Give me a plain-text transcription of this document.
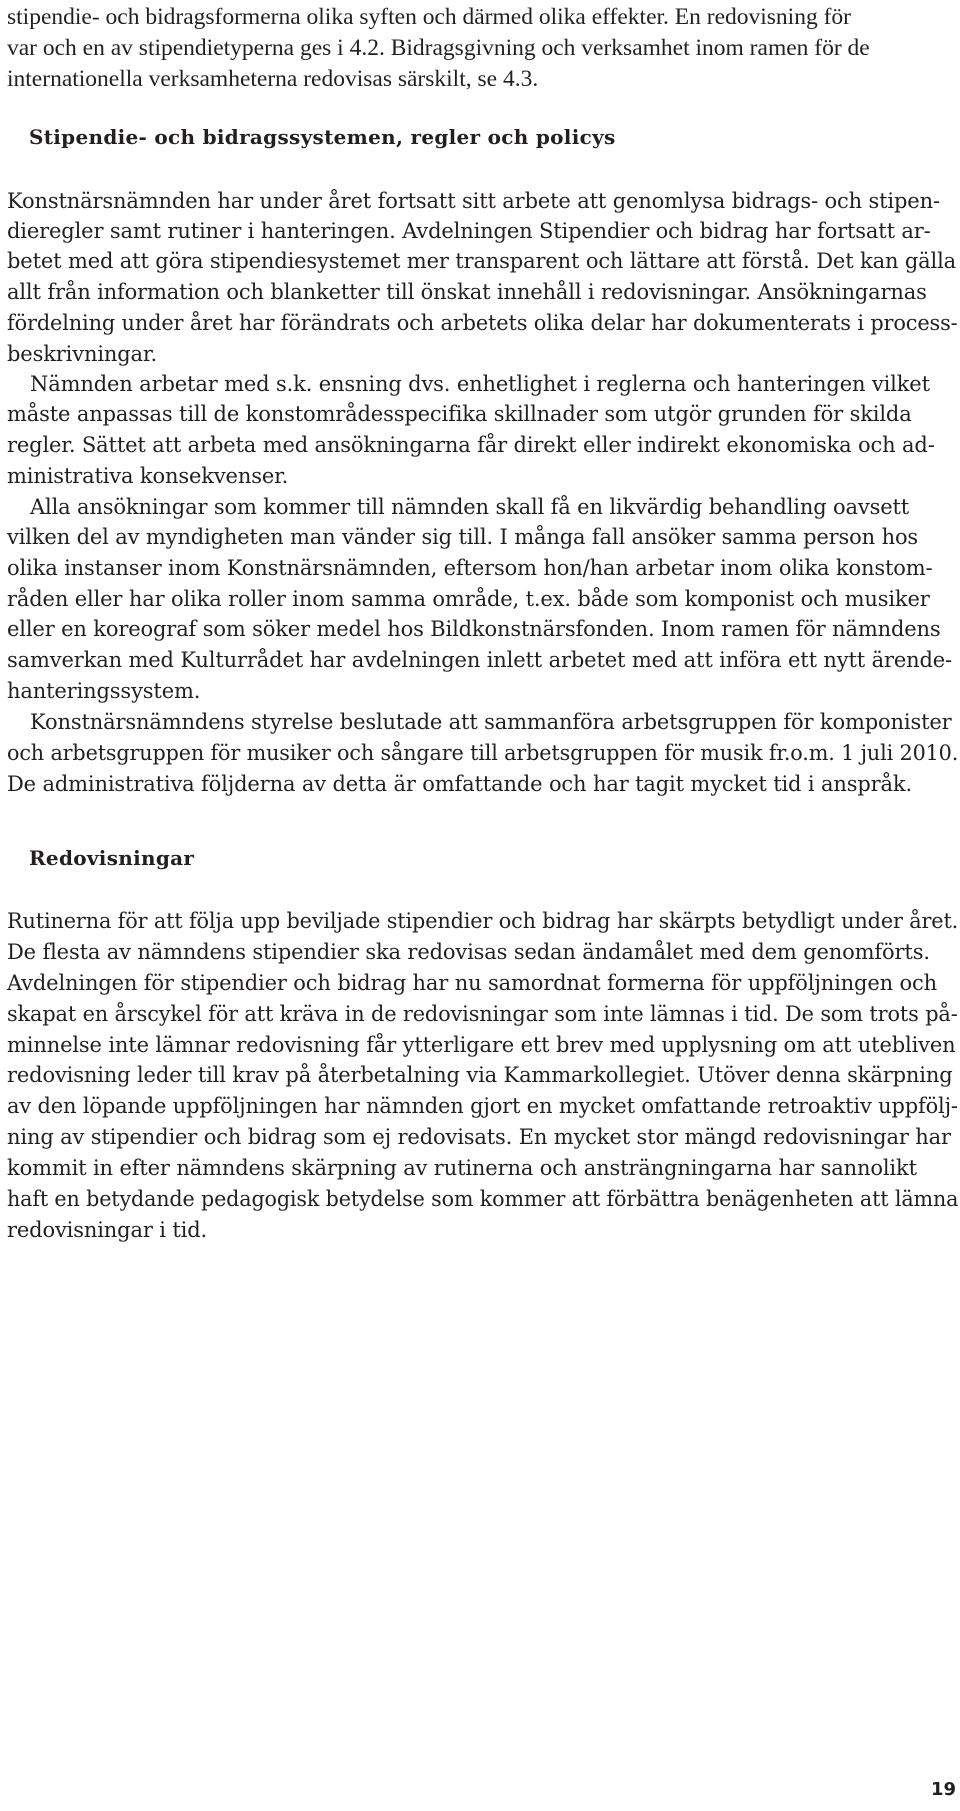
stipendie- och bidragsformerna olika syften och därmed olika effekter. En redovisning för
var och en av stipendietyperna ges i 4.2. Bidragsgivning och verksamhet inom ramen för de
internationella verksamheterna redovisas särskilt, se 4.3.
Stipendie- och bidragssystemen, regler och policys
Konstnärsnämnden har under året fortsatt sitt arbete att genomlysa bidrags- och stipen-
dieregler samt rutiner i hanteringen. Avdelningen Stipendier och bidrag har fortsatt ar-
betet med att göra stipendiesystemet mer transparent och lättare att förstå. Det kan gälla
allt från information och blanketter till önskat innehåll i redovisningar. Ansökningarnas
fördelning under året har förändrats och arbetets olika delar har dokumenterats i process-
beskrivningar.
Nämnden arbetar med s.k. ensning dvs. enhetlighet i reglerna och hanteringen vilket
måste anpassas till de konstområdesspecifika skillnader som utgör grunden för skilda
regler. Sättet att arbeta med ansökningarna får direkt eller indirekt ekonomiska och ad-
ministrativa konsekvenser.
Alla ansökningar som kommer till nämnden skall få en likvärdig behandling oavsett
vilken del av myndigheten man vänder sig till. I många fall ansöker samma person hos
olika instanser inom Konstnärsnämnden, eftersom hon/han arbetar inom olika konstom-
råden eller har olika roller inom samma område, t.ex. både som komponist och musiker
eller en koreograf som söker medel hos Bildkonstnärsfonden. Inom ramen för nämndens
samverkan med Kulturrådet har avdelningen inlett arbetet med att införa ett nytt ärende-
hanteringssystem.
Konstnärsnämndens styrelse beslutade att sammanföra arbetsgruppen för komponister
och arbetsgruppen för musiker och sångare till arbetsgruppen för musik fr.o.m. 1 juli 2010.
De administrativa följderna av detta är omfattande och har tagit mycket tid i anspråk.
Redovisningar
Rutinerna för att följa upp beviljade stipendier och bidrag har skärpts betydligt under året.
De flesta av nämndens stipendier ska redovisas sedan ändamålet med dem genomförts.
Avdelningen för stipendier och bidrag har nu samordnat formerna för uppföljningen och
skapat en årscykel för att kräva in de redovisningar som inte lämnas i tid. De som trots på-
minnelse inte lämnar redovisning får ytterligare ett brev med upplysning om att utebliven
redovisning leder till krav på återbetalning via Kammarkollegiet. Utöver denna skärpning
av den löpande uppföljningen har nämnden gjort en mycket omfattande retroaktiv uppfölj-
ning av stipendier och bidrag som ej redovisats. En mycket stor mängd redovisningar har
kommit in efter nämndens skärpning av rutinerna och ansträngningarna har sannolikt
haft en betydande pedagogisk betydelse som kommer att förbättra benägenheten att lämna
redovisningar i tid.
19
